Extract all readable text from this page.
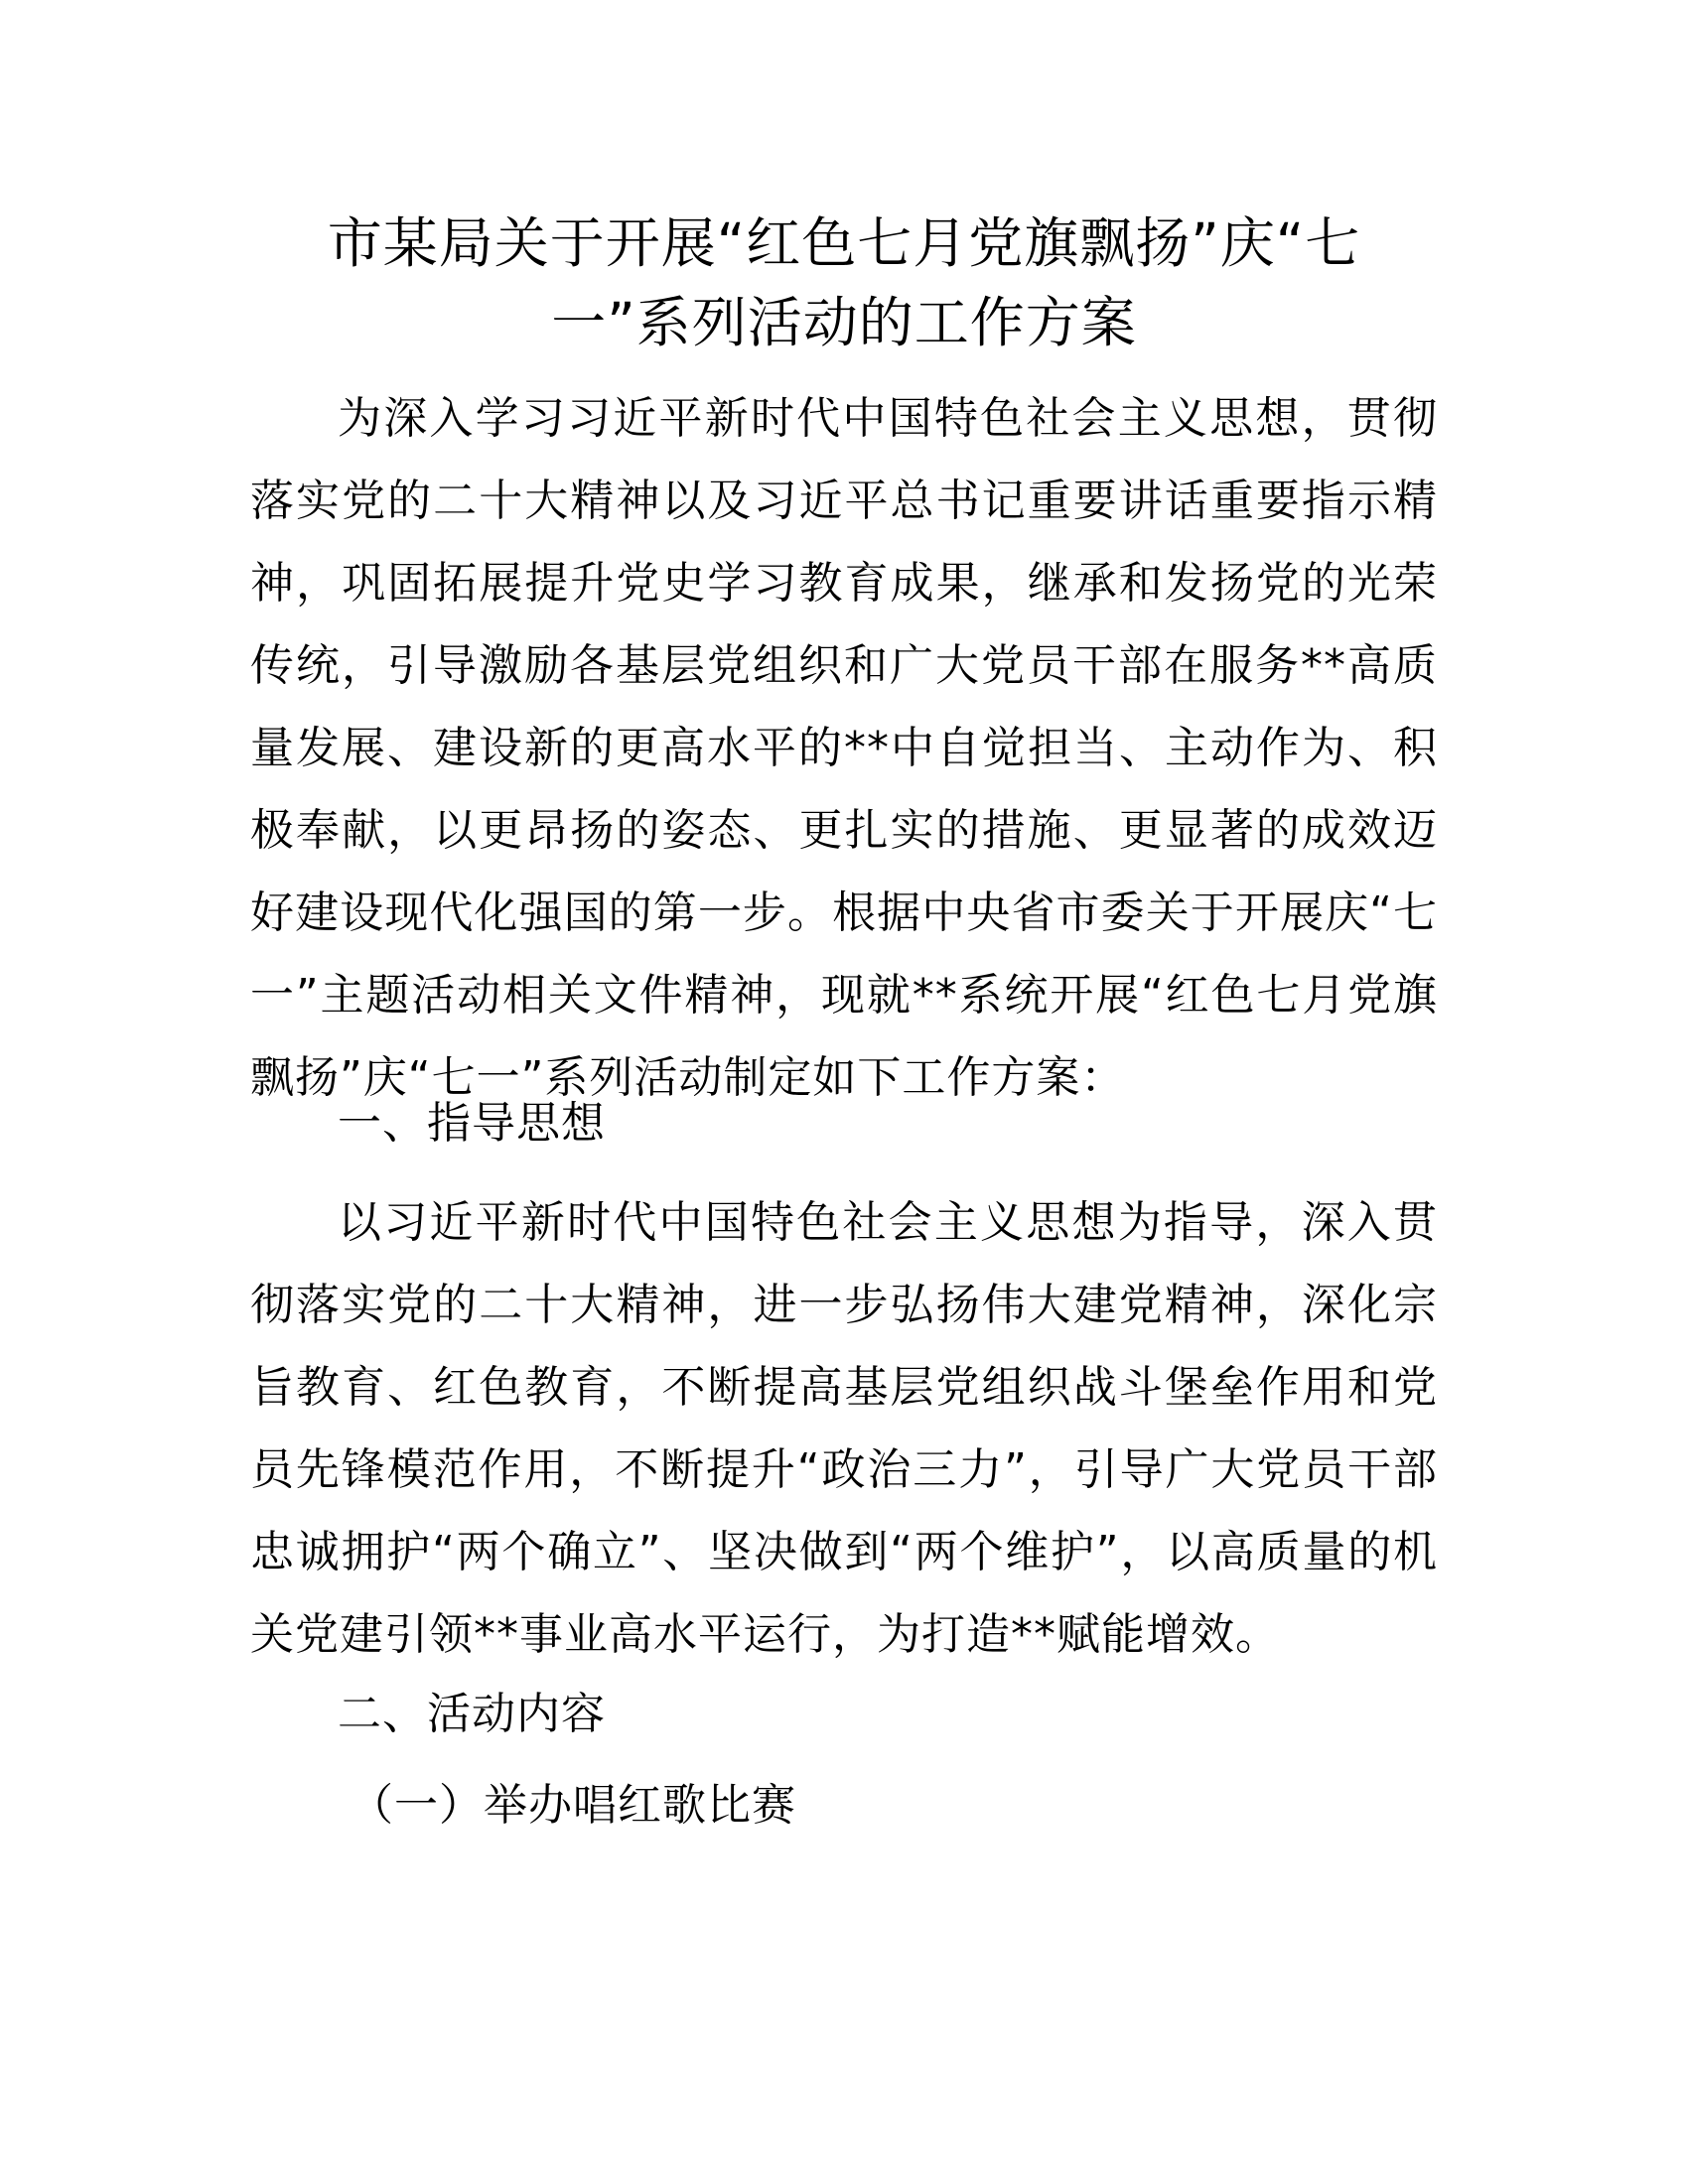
市某局关于开展“红色七月党旗飘扬”庆“七
一”系列活动的工作方案

为深入学习习近平新时代中国特色社会主义思想，贯彻落实党的二十大精神以及习近平总书记重要讲话重要指示精神，巩固拓展提升党史学习教育成果，继承和发扬党的光荣传统，引导激励各基层党组织和广大党员干部在服务**高质量发展、建设新的更高水平的**中自觉担当、主动作为、积极奉献，以更昂扬的姿态、更扎实的措施、更显著的成效迈好建设现代化强国的第一步。根据中央省市委关于开展庆“七一”主题活动相关文件精神，现就**系统开展“红色七月党旗飘扬”庆“七一”系列活动制定如下工作方案：

一、指导思想

以习近平新时代中国特色社会主义思想为指导，深入贯彻落实党的二十大精神，进一步弘扬伟大建党精神，深化宗旨教育、红色教育，不断提高基层党组织战斗堡垒作用和党员先锋模范作用，不断提升“政治三力”，引导广大党员干部忠诚拥护“两个确立”、坚决做到“两个维护”，以高质量的机关党建引领**事业高水平运行，为打造**赋能增效。

二、活动内容

（一）举办唱红歌比赛
